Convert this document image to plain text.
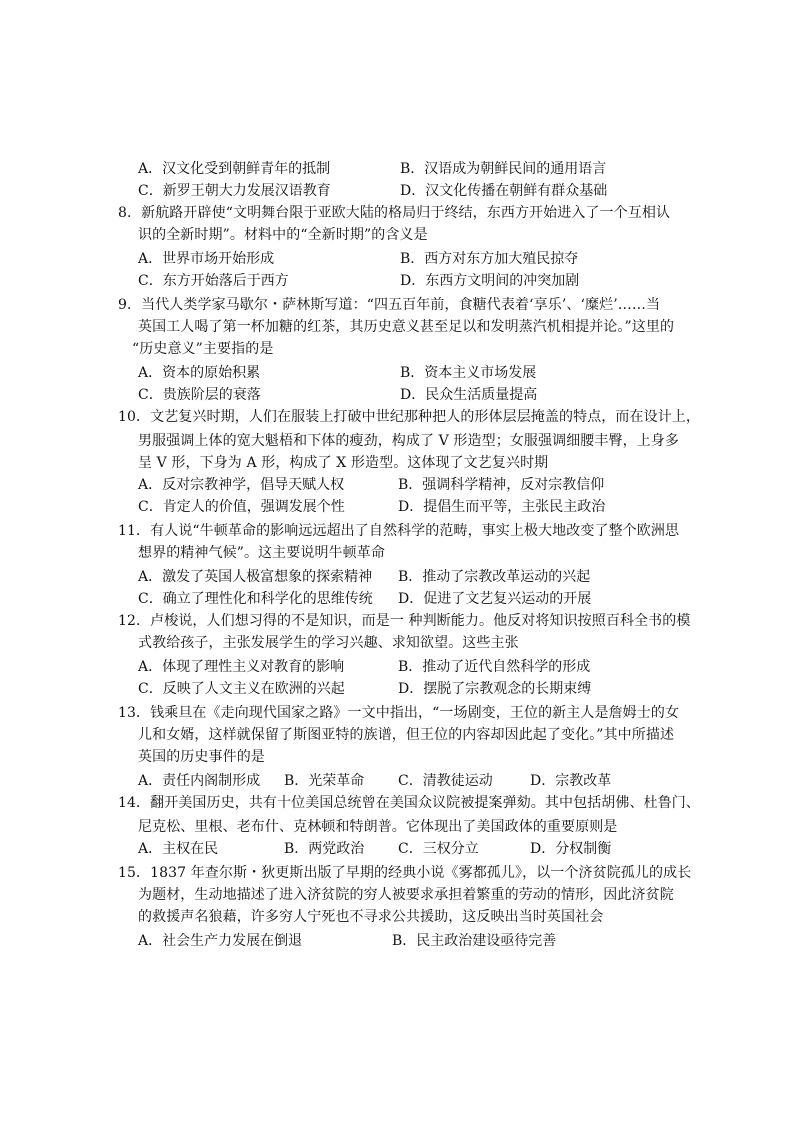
A．汉文化受到朝鲜青年的抵制	B．汉语成为朝鲜民间的通用语言
C．新罗王朝大力发展汉语教育	D．汉文化传播在朝鲜有群众基础
8．新航路开辟使“文明舞台限于亚欧大陆的格局归于终结，东西方开始进入了一个互相认
识的全新时期”。材料中的“全新时期”的含义是
A．世界市场开始形成	B．西方对东方加大殖民掠夺
C．东方开始落后于西方	D．东西方文明间的冲突加剧
9．当代人类学家马歇尔・萨林斯写道：“四五百年前，食糖代表着‘享乐’、‘糜烂’……当
英国工人喝了第一杯加糖的红茶，其历史意义甚至足以和发明蒸汽机相提并论。”这里的
“历史意义”主要指的是
A．资本的原始积累	B．资本主义市场发展
C．贵族阶层的衰落	D．民众生活质量提高
10．文艺复兴时期，人们在服装上打破中世纪那种把人的形体层层掩盖的特点，而在设计上，
男服强调上体的宽大魁梧和下体的瘦劲，构成了 V 形造型；女服强调细腰丰臀，上身多
呈 V 形，下身为 A 形，构成了 X 形造型。这体现了文艺复兴时期
A．反对宗教神学，倡导天赋人权	B．强调科学精神，反对宗教信仰
C．肯定人的价值，强调发展个性	D．提倡生而平等，主张民主政治
11．有人说“牛顿革命的影响远远超出了自然科学的范畴，事实上极大地改变了整个欧洲思
想界的精神气候”。这主要说明牛顿革命
A．激发了英国人极富想象的探索精神 B．推动了宗教改革运动的兴起
C．确立了理性化和科学化的思维传统 D．促进了文艺复兴运动的开展
12．卢梭说，人们想习得的不是知识，而是一 种判断能力。他反对将知识按照百科全书的模
式教给孩子，主张发展学生的学习兴趣、求知欲望。这些主张
A．体现了理性主义对教育的影响	B．推动了近代自然科学的形成
C．反映了人文主义在欧洲的兴起	D．摆脱了宗教观念的长期束缚
13．钱乘旦在《走向现代国家之路》一文中指出，“一场剧变，王位的新主人是詹姆士的女
儿和女婿，这样就保留了斯图亚特的族谱，但王位的内容却因此起了变化。”其中所描述
英国的历史事件的是
A．责任内阁制形成 B．光荣革命 C．清教徒运动	D．宗教改革
14．翻开美国历史，共有十位美国总统曾在美国众议院被提案弹劾。其中包括胡佛、杜鲁门、
尼克松、里根、老布什、克林顿和特朗普。它体现出了美国政体的重要原则是
A．主权在民	B．两党政治 C．三权分立	D．分权制衡
15．1837 年查尔斯・狄更斯出版了早期的经典小说《雾都孤儿》，以一个济贫院孤儿的成长
为题材，生动地描述了进入济贫院的穷人被要求承担着繁重的劳动的情形，因此济贫院
的救援声名狼藉，许多穷人宁死也不寻求公共援助，这反映出当时英国社会
A．社会生产力发展在倒退	B．民主政治建设亟待完善
